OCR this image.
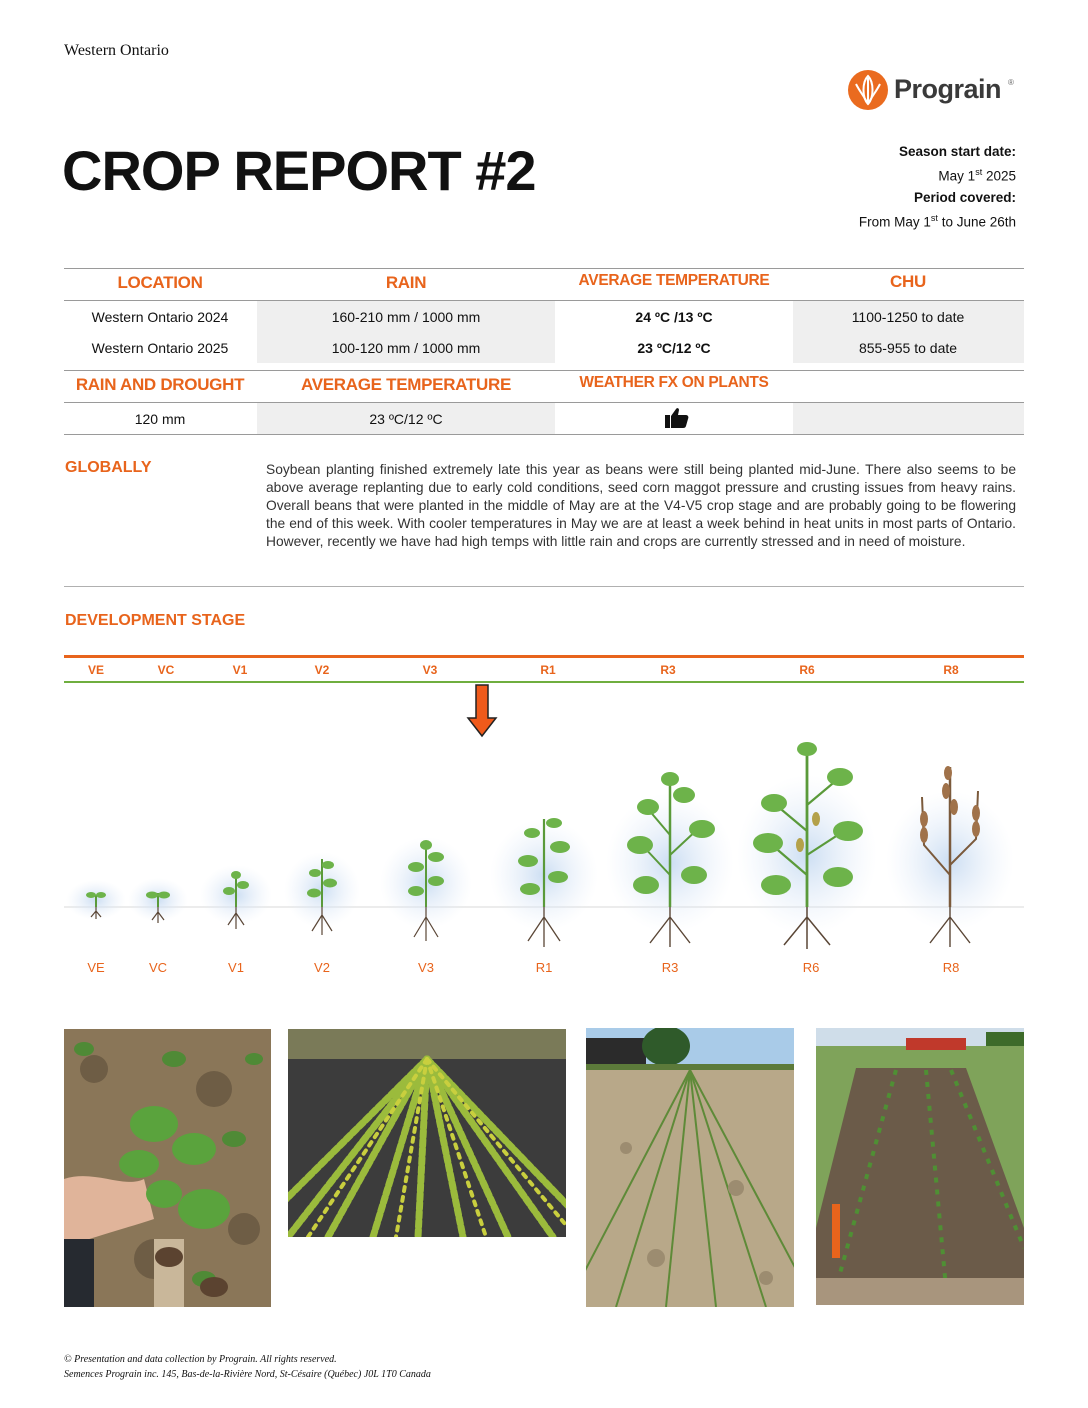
Western Ontario
Prograin ®
CROP REPORT #2	Season start date:
May 1st 2025
Period covered:
From May 1st to June 26th
LOCATION	RAIN	AVERAGE TEMPERATURE	CHU
Western Ontario 2024	160-210 mm / 1000 mm	24 ºC /13 ºC	1100-1250 to date
Western Ontario 2025	100-120 mm / 1000 mm	23 ºC/12 ºC	855-955 to date
RAIN AND DROUGHT	AVERAGE TEMPERATURE	WEATHER FX ON PLANTS
120 mm	23 ºC/12 ºC
GLOBALLY	Soybean planting finished extremely late this year as beans were still being planted mid-June. There also seems to be above average replanting due to early cold conditions, seed corn maggot pressure and crusting issues from heavy rains. Overall beans that were planted in the middle of May are at the V4-V5 crop stage and are probably going to be flowering the end of this week. With cooler temperatures in May we are at least a week behind in heat units in most parts of Ontario. However, recently we have had high temps with little rain and crops are currently stressed and in need of moisture.
DEVELOPMENT STAGE
VE	VC	V1	V2	V3	R1	R3	R6	R8
VE	VC	V1	V2	V3	R1	R3	R6	R8
© Presentation and data collection by Prograin. All rights reserved.
Semences Prograin inc. 145, Bas-de-la-Rivière Nord, St-Césaire (Québec) J0L 1T0 Canada
